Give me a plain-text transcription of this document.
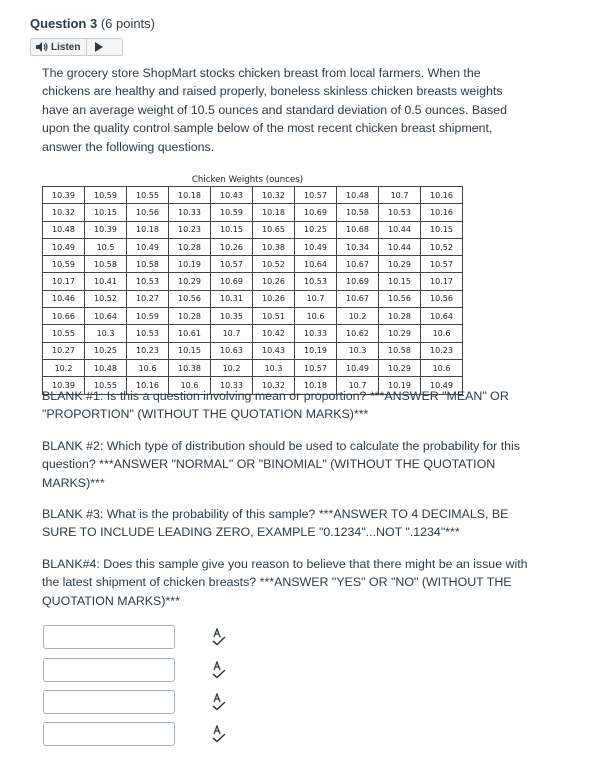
Question 3 (6 points)
Listen
The grocery store ShopMart stocks chicken breast from local farmers. When the chickens are healthy and raised properly, boneless skinless chicken breasts weights have an average weight of 10.5 ounces and standard deviation of 0.5 ounces. Based upon the quality control sample below of the most recent chicken breast shipment, answer the following questions.
Chicken Weights (ounces)
10.39	10.59	10.55	10.18	10.43	10.32	10.57	10.48	10.7	10.16
10.32	10.15	10.56	10.33	10.59	10.18	10.69	10.58	10.53	10.16
10.48	10.39	10.18	10.23	10.15	10.65	10.25	10.68	10.44	10.15
10.49	10.5	10.49	10.28	10.26	10.38	10.49	10.34	10.44	10.52
10.59	10.58	10.58	10.19	10.57	10.52	10.64	10.67	10.29	10.57
10.17	10.41	10.53	10.29	10.69	10.26	10.53	10.69	10.15	10.17
10.46	10.52	10.27	10.56	10.31	10.26	10.7	10.67	10.56	10.56
10.66	10.64	10.59	10.28	10.35	10.51	10.6	10.2	10.28	10.64
10.55	10.3	10.53	10.61	10.7	10.42	10.33	10.62	10.29	10.6
10.27	10.25	10.23	10.15	10.63	10.43	10.19	10.3	10.58	10.23
10.2	10.48	10.6	10.38	10.2	10.3	10.57	10.49	10.29	10.6
10.39	10.55	10.16	10.6	10.33	10.32	10.18	10.7	10.19	10.49
BLANK #1: Is this a question involving mean or proportion? ***ANSWER "MEAN" OR "PROPORTION" (WITHOUT THE QUOTATION MARKS)***
BLANK #2: Which type of distribution should be used to calculate the probability for this question? ***ANSWER "NORMAL" OR "BINOMIAL" (WITHOUT THE QUOTATION MARKS)***
BLANK #3: What is the probability of this sample? ***ANSWER TO 4 DECIMALS, BE SURE TO INCLUDE LEADING ZERO, EXAMPLE "0.1234"...NOT ".1234"***
BLANK#4: Does this sample give you reason to believe that there might be an issue with the latest shipment of chicken breasts? ***ANSWER "YES" OR "NO" (WITHOUT THE QUOTATION MARKS)***
